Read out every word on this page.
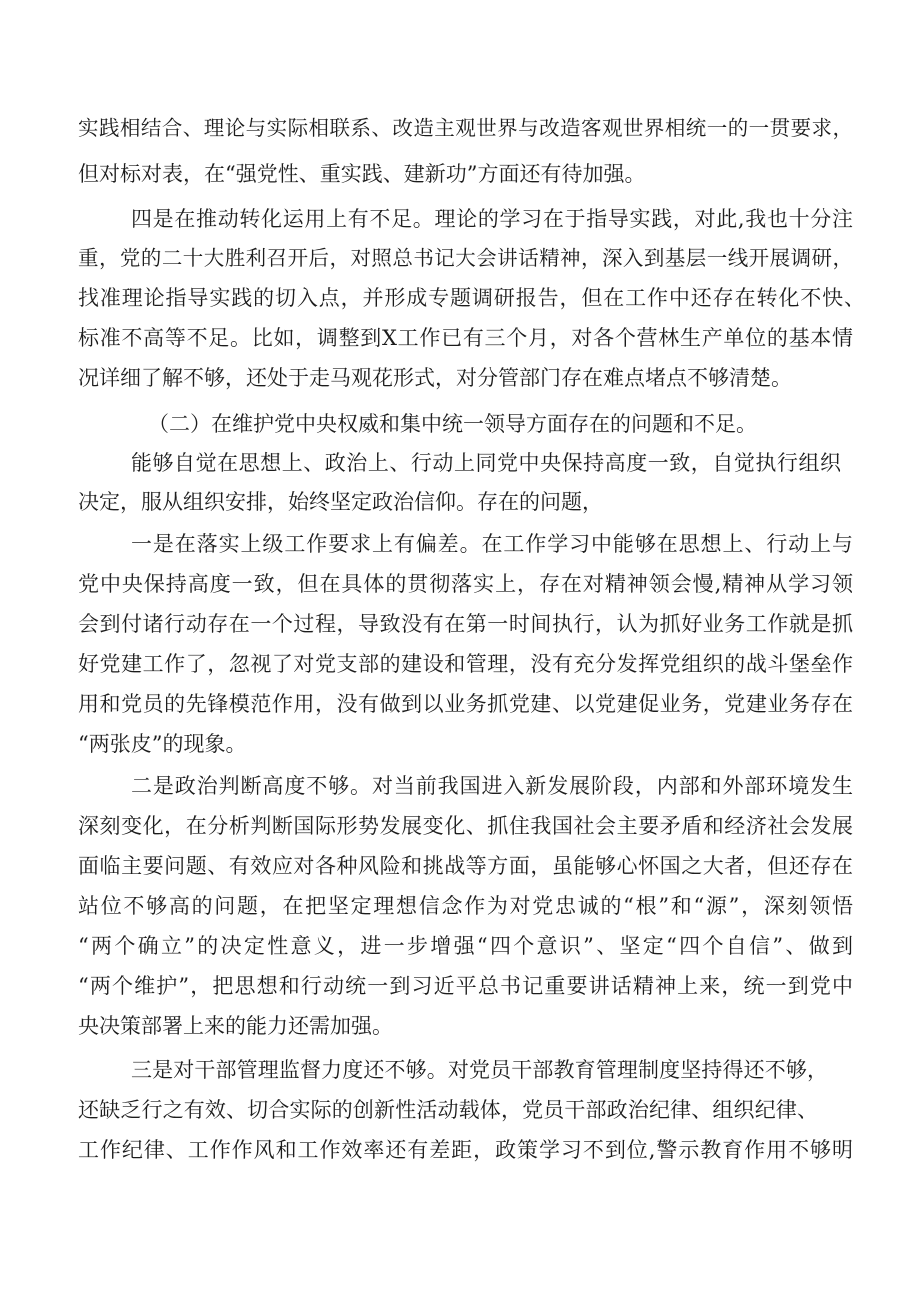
实践相结合、理论与实际相联系、改造主观世界与改造客观世界相统一的一贯要求，
但对标对表，在“强党性、重实践、建新功”方面还有待加强。
四是在推动转化运用上有不足。理论的学习在于指导实践，对此,我也十分注
重，党的二十大胜利召开后，对照总书记大会讲话精神，深入到基层一线开展调研，
找准理论指导实践的切入点，并形成专题调研报告，但在工作中还存在转化不快、
标准不高等不足。比如，调整到X工作已有三个月，对各个营林生产单位的基本情
况详细了解不够，还处于走马观花形式，对分管部门存在难点堵点不够清楚。
（二）在维护党中央权威和集中统一领导方面存在的问题和不足。
能够自觉在思想上、政治上、行动上同党中央保持高度一致，自觉执行组织
决定，服从组织安排，始终坚定政治信仰。存在的问题，
一是在落实上级工作要求上有偏差。在工作学习中能够在思想上、行动上与
党中央保持高度一致，但在具体的贯彻落实上，存在对精神领会慢,精神从学习领
会到付诸行动存在一个过程，导致没有在第一时间执行，认为抓好业务工作就是抓
好党建工作了，忽视了对党支部的建设和管理，没有充分发挥党组织的战斗堡垒作
用和党员的先锋模范作用，没有做到以业务抓党建、以党建促业务，党建业务存在
“两张皮”的现象。
二是政治判断高度不够。对当前我国进入新发展阶段，内部和外部环境发生
深刻变化，在分析判断国际形势发展变化、抓住我国社会主要矛盾和经济社会发展
面临主要问题、有效应对各种风险和挑战等方面，虽能够心怀国之大者，但还存在
站位不够高的问题，在把坚定理想信念作为对党忠诚的“根”和“源”，深刻领悟
“两个确立”的决定性意义，进一步增强“四个意识”、坚定“四个自信”、做到
“两个维护”，把思想和行动统一到习近平总书记重要讲话精神上来，统一到党中
央决策部署上来的能力还需加强。
三是对干部管理监督力度还不够。对党员干部教育管理制度坚持得还不够，
还缺乏行之有效、切合实际的创新性活动载体，党员干部政治纪律、组织纪律、
工作纪律、工作作风和工作效率还有差距，政策学习不到位,警示教育作用不够明
